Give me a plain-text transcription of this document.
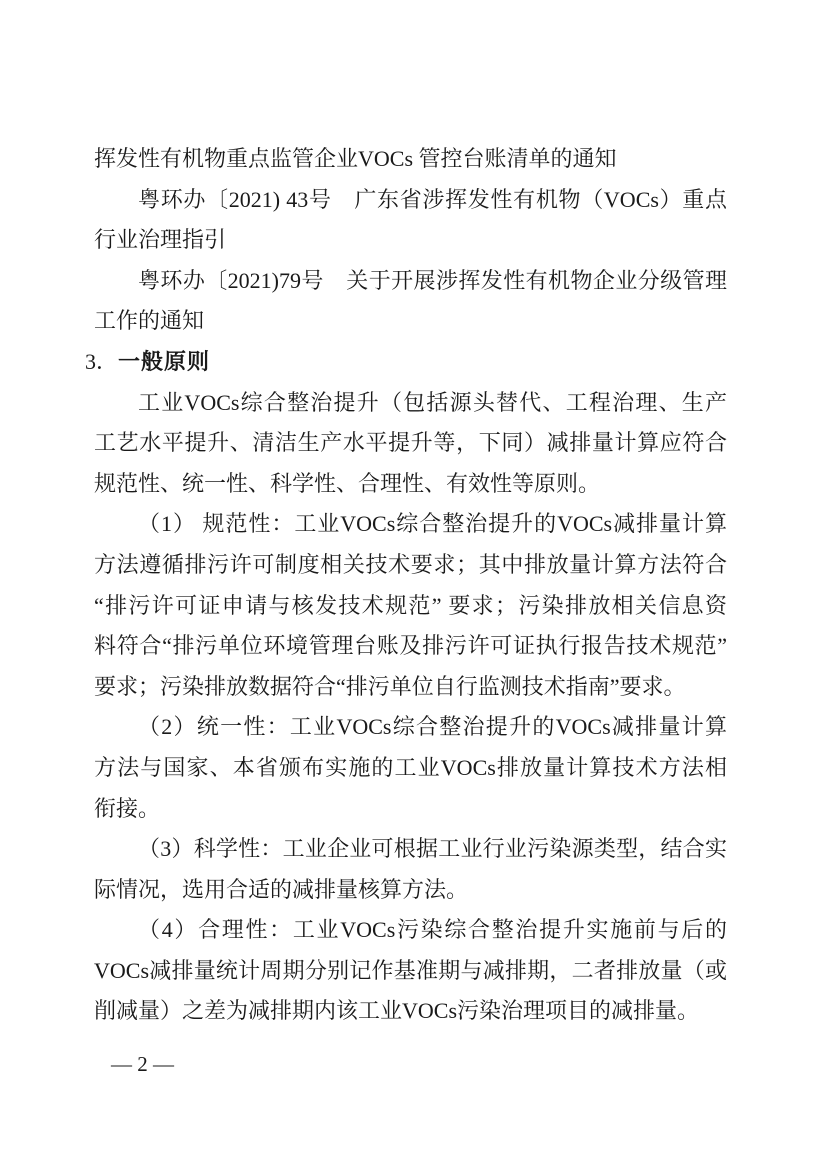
挥发性有机物重点监管企业VOCs 管控台账清单的通知
粤环办〔2021) 43号　广东省涉挥发性有机物（VOCs）重点
行业治理指引
粤环办〔2021)79号　关于开展涉挥发性有机物企业分级管理
工作的通知
3．一般原则
工业VOCs综合整治提升（包括源头替代、工程治理、生产
工艺水平提升、清洁生产水平提升等，下同）减排量计算应符合
规范性、统一性、科学性、合理性、有效性等原则。
（1） 规范性：工业VOCs综合整治提升的VOCs减排量计算
方法遵循排污许可制度相关技术要求；其中排放量计算方法符合
“排污许可证申请与核发技术规范” 要求；污染排放相关信息资
料符合“排污单位环境管理台账及排污许可证执行报告技术规范”
要求；污染排放数据符合“排污单位自行监测技术指南”要求。
（2）统一性：工业VOCs综合整治提升的VOCs减排量计算
方法与国家、本省颁布实施的工业VOCs排放量计算技术方法相
衔接。
（3）科学性：工业企业可根据工业行业污染源类型，结合实
际情况，选用合适的减排量核算方法。
（4）合理性：工业VOCs污染综合整治提升实施前与后的
VOCs减排量统计周期分别记作基准期与减排期，二者排放量（或
削减量）之差为减排期内该工业VOCs污染治理项目的减排量。
— 2 —
